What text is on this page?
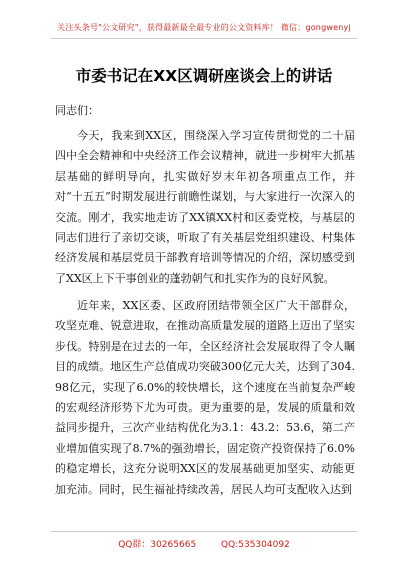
关注头条号"公文研究"，获得最新最全最专业的公文资料库！ 微信：gongwenyj
市委书记在XX区调研座谈会上的讲话

同志们：

今天，我来到XX区，围绕深入学习宣传贯彻党的二十届四中全会精神和中央经济工作会议精神，就进一步树牢大抓基层基础的鲜明导向，扎实做好岁末年初各项重点工作，并对“十五五”时期发展进行前瞻性谋划，与大家进行一次深入的交流。刚才，我实地走访了XX镇XX村和区委党校，与基层的同志们进行了亲切交谈，听取了有关基层党组织建设、村集体经济发展和基层党员干部教育培训等情况的介绍，深切感受到了XX区上下干事创业的蓬勃朝气和扎实作为的良好风貌。

近年来，XX区委、区政府团结带领全区广大干部群众，攻坚克难、锐意进取，在推动高质量发展的道路上迈出了坚实步伐。特别是在过去的一年，全区经济社会发展取得了令人瞩目的成绩。地区生产总值成功突破300亿元大关，达到了304.98亿元，实现了6.0%的较快增长，这个速度在当前复杂严峻的宏观经济形势下尤为可贵。更为重要的是，发展的质量和效益同步提升，三次产业结构优化为3.1：43.2：53.6，第二产业增加值实现了8.7%的强劲增长，固定资产投资保持了6.0%的稳定增长，这充分说明XX区的发展基础更加坚实、动能更加充沛。同时，民生福祉持续改善，居民人均可支配收入达到

QQ群：30265665	QQ:535304092
